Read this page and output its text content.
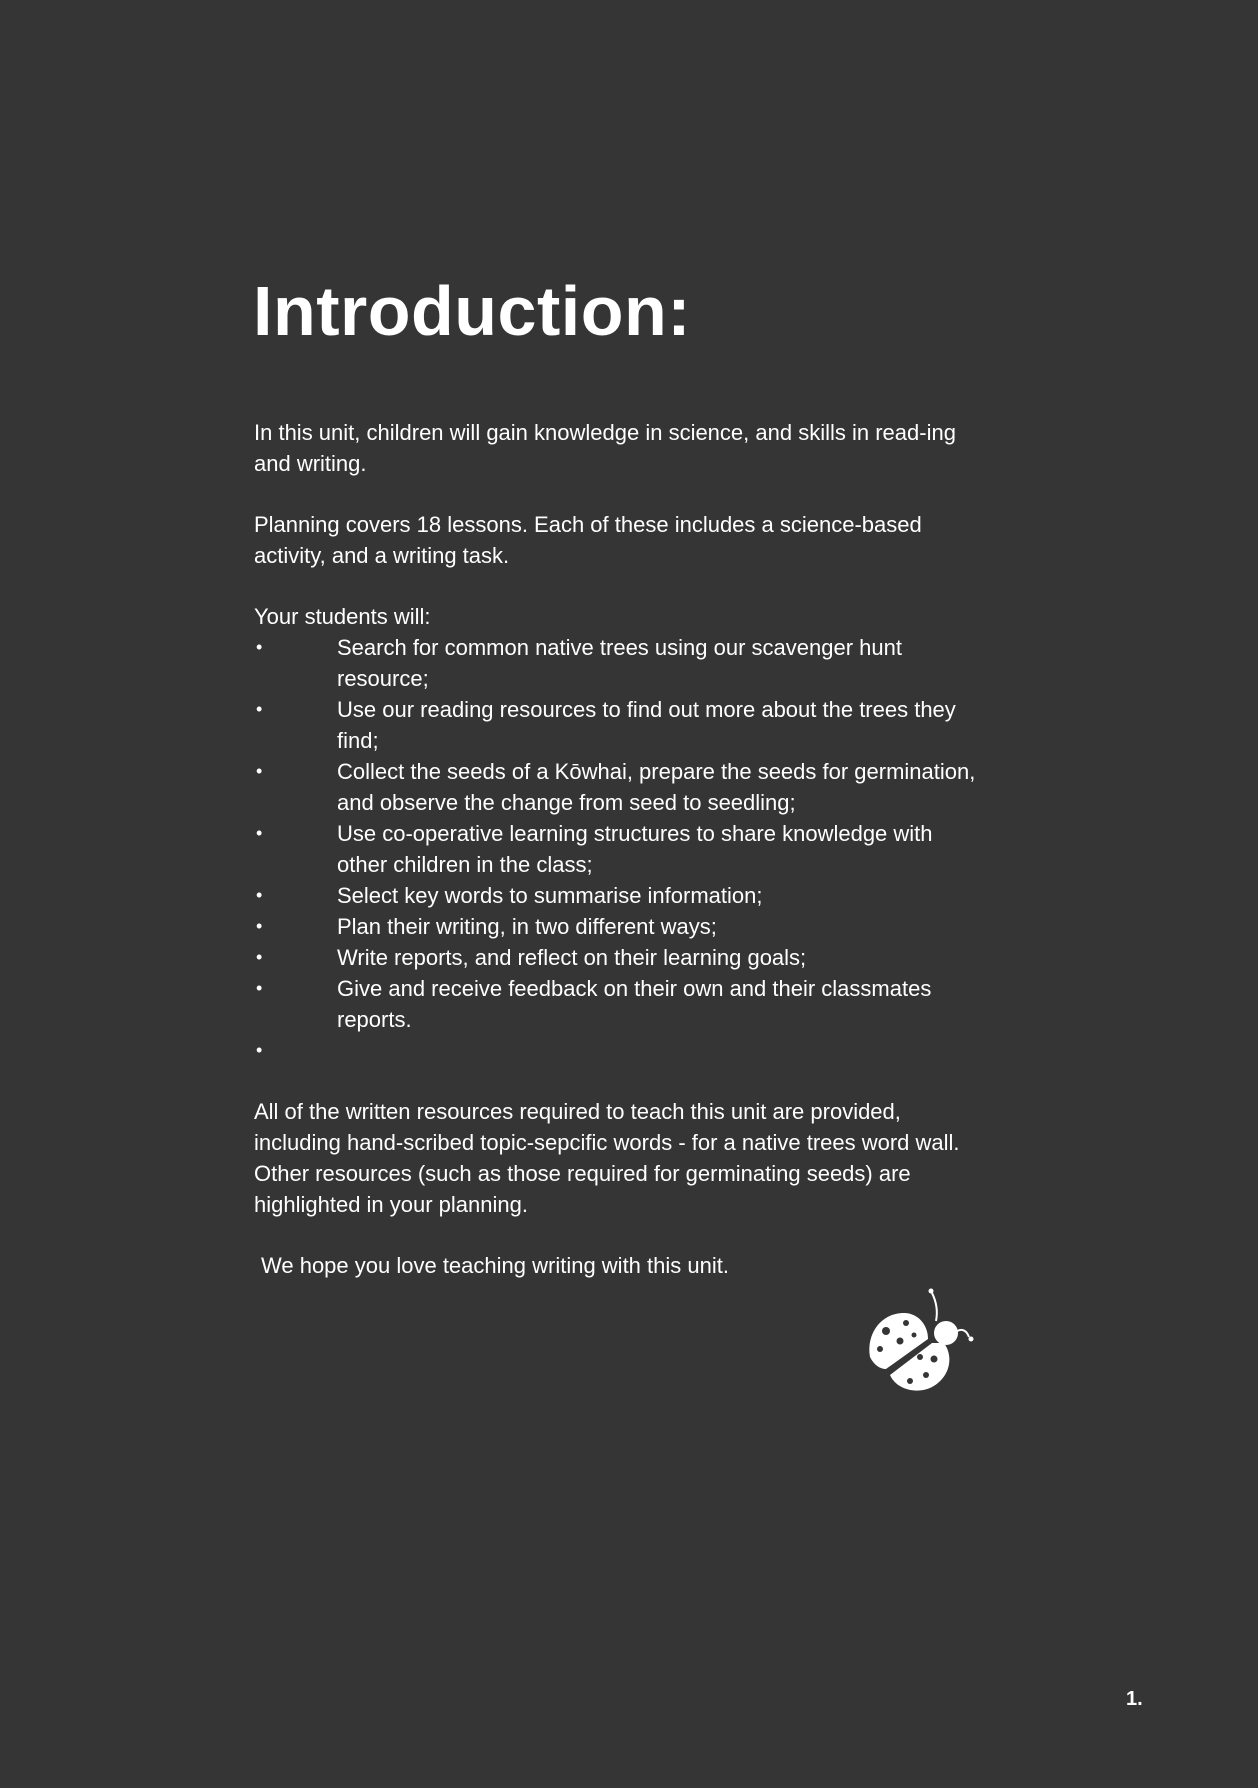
Introduction:

In this unit, children will gain knowledge in science, and skills in read-ing and writing.

Planning covers 18 lessons. Each of these includes a science-based activity, and a writing task.

Your students will:

•	Search for common native trees using our scavenger hunt resource;
•	Use our reading resources to find out more about the trees they find;
•	Collect the seeds of a Kōwhai, prepare the seeds for germination, and observe the change from seed to seedling;
•	Use co-operative learning structures to share knowledge with other children in the class;
•	Select key words to summarise information;
•	Plan their writing, in two different ways;
•	Write reports, and reflect on their learning goals;
•	Give and receive feedback on their own and their classmates reports.
•

All of the written resources required to teach this unit are provided, including hand-scribed topic-sepcific words - for a native trees word wall. Other resources (such as those required for germinating seeds) are highlighted in your planning.

We hope you love teaching writing with this unit.

1.
